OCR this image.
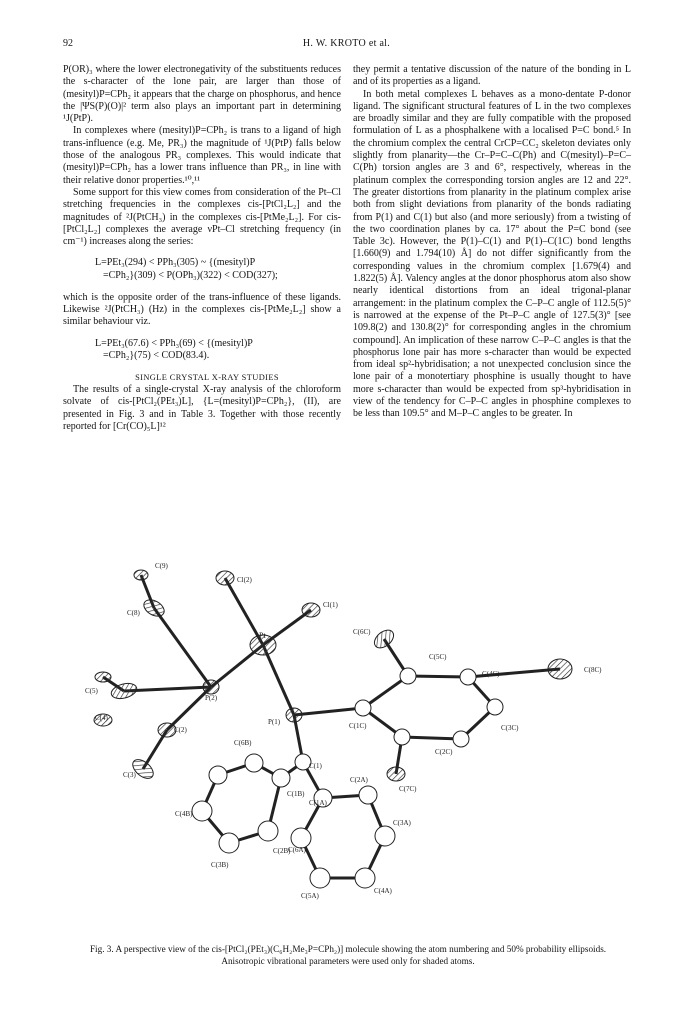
92	H. W. KROTO et al.

P(OR)₃ where the lower electronegativity of the substituents reduces the s-character of the lone pair, are larger than those of (mesityl)P=CPh₂ it appears that the charge on phosphorus, and hence the |ΨS(P)(O)|² term also plays an important part in determining ¹J(PtP).

In complexes where (mesityl)P=CPh₂ is trans to a ligand of high trans-influence (e.g. Me, PR₃) the magnitude of ¹J(PtP) falls below those of the analogous PR₃ complexes. This would indicate that (mesityl)P=CPh₂ has a lower trans influence than PR₃, in line with their relative donor properties.¹⁰,¹¹

Some support for this view comes from consideration of the Pt–Cl stretching frequencies in the complexes cis-[PtCl₂L₂] and the magnitudes of ²J(PtCH₃) in the complexes cis-[PtMe₂L₂]. For cis-[PtCl₂L₂] complexes the average νPt–Cl stretching frequency (in cm⁻¹) increases along the series:

L=PEt₃(294) < PPh₃(305) ~ {(mesityl)P
=CPh₂}(309) < P(OPh₃)(322) < COD(327);

which is the opposite order of the trans-influence of these ligands. Likewise ²J(PtCH₃) (Hz) in the complexes cis-[PtMe₂L₂] show a similar behaviour viz.

L=PEt₃(67.6) < PPh₃(69) < {(mesityl)P
=CPh₂}(75) < COD(83.4).

SINGLE CRYSTAL X-RAY STUDIES

The results of a single-crystal X-ray analysis of the chloroform solvate of cis-[PtCl₂(PEt₃)L], {L=(mesityl)P=CPh₂}, (II), are presented in Fig. 3 and in Table 3. Together with those recently reported for [Cr(CO)₅L]¹²

they permit a tentative discussion of the nature of the bonding in L and of its properties as a ligand.

In both metal complexes L behaves as a mono-dentate P-donor ligand. The significant structural features of L in the two complexes are broadly similar and they are fully compatible with the proposed formulation of L as a phosphalkene with a localised P=C bond.⁵ In the chromium complex the central CrCP=CC₂ skeleton deviates only slightly from planarity—the Cr–P=C–C(Ph) and C(mesityl)–P=C–C(Ph) torsion angles are 3 and 6°, respectively, whereas in the platinum complex the corresponding torsion angles are 12 and 22°. The greater distortions from planarity in the platinum complex arise both from slight deviations from planarity of the bonds radiating from P(1) and C(1) but also (and more seriously) from a twisting of the two coordination planes by ca. 17° about the P=C bond (see Table 3c). However, the P(1)–C(1) and P(1)–C(1C) bond lengths [1.660(9) and 1.794(10) Å] do not differ significantly from the corresponding values in the chromium complex [1.679(4) and 1.822(5) Å]. Valency angles at the donor phosphorus atom also show nearly identical distortions from an ideal trigonal-planar arrangement: in the platinum complex the C–P–C angle of 112.5(5)° is narrowed at the expense of the Pt–P–C angle of 127.5(3)° [see 109.8(2) and 130.8(2)° for corresponding angles in the chromium compound]. An implication of these narrow C–P–C angles is that the phosphorus lone pair has more s-character than would be expected from ideal sp²-hybridisation; a not unexpected conclusion since the lone pair of a monotertiary phosphine is usually thought to have more s-character than would be expected from sp³-hybridisation in view of the tendency for C–P–C angles in phosphine complexes to be less than 109.5° and M–P–C angles to be greater. In

C(9)
Cl(2)
C(8)
Cl(1)
Pt
C(5)
P(2)
C(4)
C(2)
C(3)
C(6B)
C(1B)
C(4B)
C(3B)
C(2B)
C(6C)
P(1)	C(1C)
C(2A)
C(1)
C(1A)
C(3A)
C(6A)
C(5A)
C(4A)
C(5C)
C(4C)	C(8C)
C(3C)
C(2C)
C(7C)
Fig. 3. A perspective view of the cis-[PtCl₂(PEt₃)(C₆H₂Me₃P=CPh₂)] molecule showing the atom numbering and 50% probability ellipsoids. Anisotropic vibrational parameters were used only for shaded atoms.
